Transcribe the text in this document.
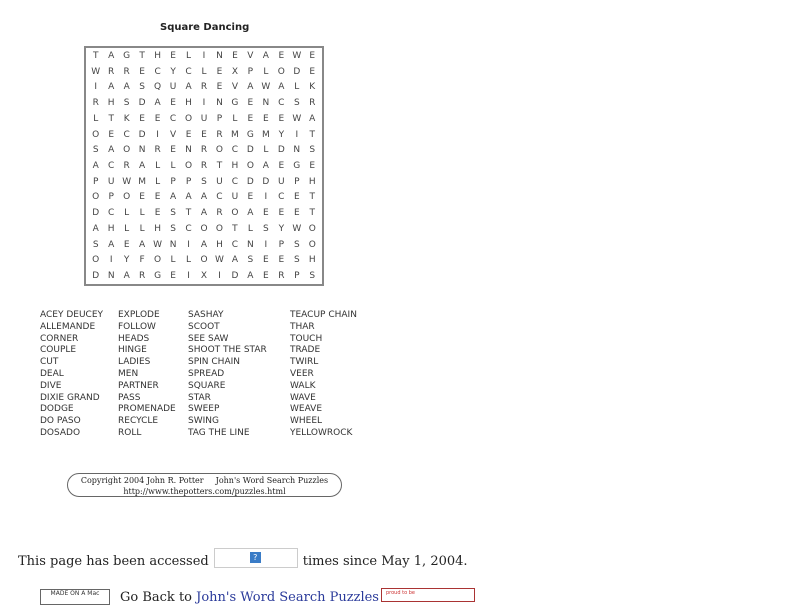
Square Dancing
T	A G	T	H	E	L	I	N	E	V	A	E W E
W R	R	E	C	Y	C	L	E	X	P	L	O D	E
I	A	A	S	Q U	A	R	E	V	A W A	L	K
R H	S	D A	E	H	I	N G	E	N C	S	R
L	T	K	E	E	C O U	P	L	E	E	E W A
O	E	C D	I	V	E	E	R M G M Y	I	T
S	A O N R	E	N R O C D	L	D N	S
A	C	R	A	L	L	O R	T	H O A	E	G	E
P	U W M	L	P	P	S	U	C D D U	P	H
O	P	O	E	E	A	A	A	C	U	E	I	C	E	T
D C	L	L	E	S	T	A	R O A	E	E	E	T
A H	L	L	H	S	C O O	T	L	S	Y W O
S	A	E	A W N	I	A H C N	I	P	S	O
O	I	Y	F	O	L	L	O W A	S	E	E	S	H
D N	A	R G	E	I	X	I	D A	E	R	P	S
ACEY DEUCEY
ALLEMANDE
CORNER
COUPLE
CUT
DEAL
DIVE
DIXIE GRAND
DODGE
DO PASO
DOSADO
EXPLODE
FOLLOW
HEADS
HINGE
LADIES
MEN
PARTNER
PASS
PROMENADE
RECYCLE
ROLL
SASHAY
SCOOT
SEE SAW
SHOOT THE STAR
SPIN CHAIN
SPREAD
SQUARE
STAR
SWEEP
SWING
TAG THE LINE
TEACUP CHAIN
THAR
TOUCH
TRADE
TWIRL
VEER
WALK
WAVE
WEAVE
WHEEL
YELLOWROCK
Copyright 2004 John R. Potter John's Word Search Puzzles
http://www.thepotters.com/puzzles.html
This page has been accessed	?	times since May 1, 2004.
MADE ON A Mac	Go Back to John's Word Search Puzzles	proud to be
